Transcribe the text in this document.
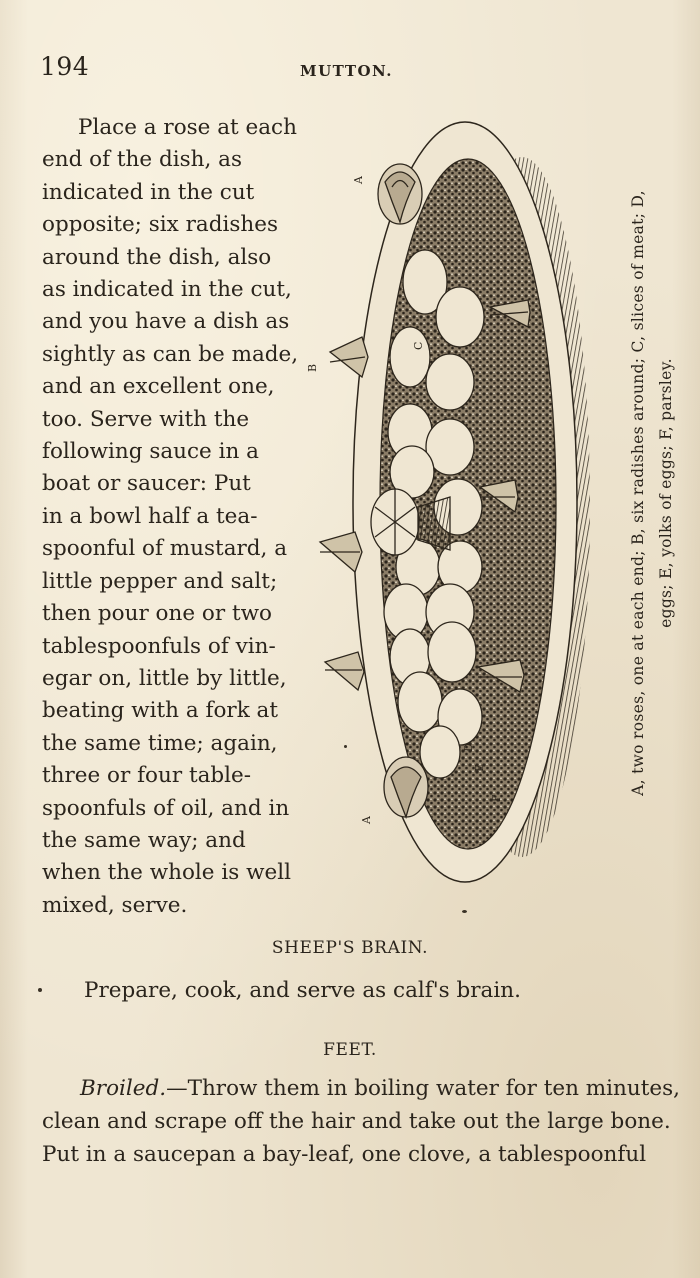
194	MUTTON.
Place a rose at each
end of the dish, as
indicated in the cut
opposite; six radishes
around the dish, also
as indicated in the cut,
and you have a dish as
sightly as can be made,
and an excellent one,
too. Serve with the
following sauce in a
boat or saucer: Put
in a bowl half a tea-
spoonful of mustard, a
little pepper and salt;
then pour one or two
tablespoonfuls of vin-
egar on, little by little,
beating with a fork at
the same time; again,
three or four table-
spoonfuls of oil, and in
the same way; and
when the whole is well
mixed, serve.
A
B
C
D
E
F
A
A, two roses, one at each end; B, six radishes around; C, slices of meat; D, eggs; E, yolks of eggs; F, parsley.
SHEEP'S BRAIN.
Prepare, cook, and serve as calf's brain.
FEET.
Broiled.—Throw them in boiling water for ten minutes,
clean and scrape off the hair and take out the large bone.
Put in a saucepan a bay-leaf, one clove, a tablespoonful
